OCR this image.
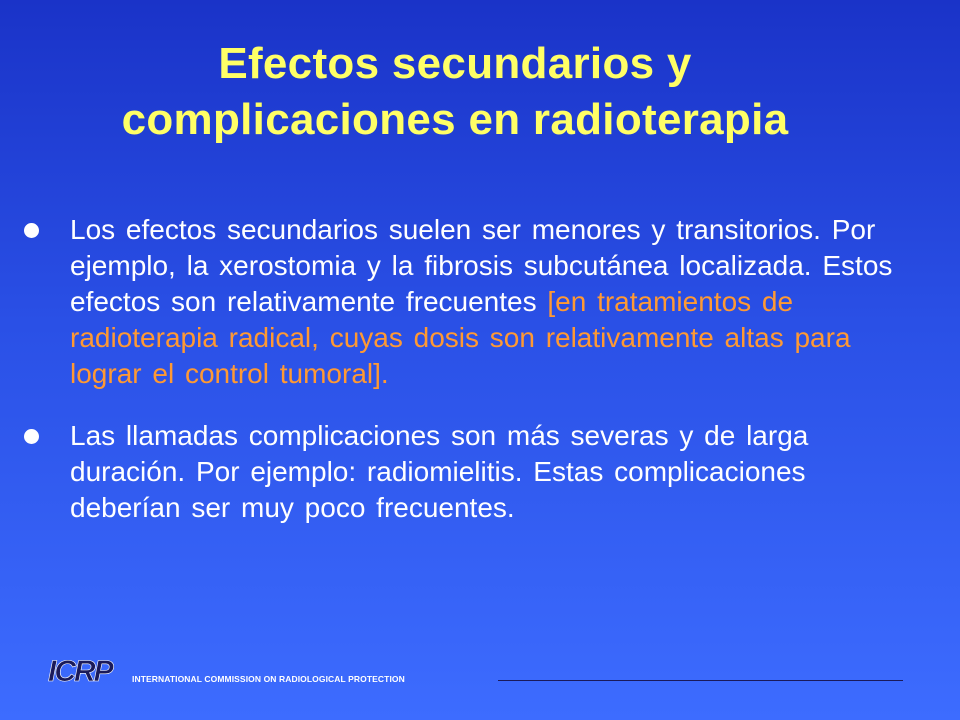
Efectos secundarios y
complicaciones en radioterapia
Los efectos secundarios suelen ser menores y transitorios. Por ejemplo, la xerostomia y la fibrosis subcutánea localizada. Estos efectos son relativamente frecuentes [en tratamientos de radioterapia radical, cuyas dosis son relativamente altas para lograr el control tumoral].
Las llamadas complicaciones son más severas y de larga duración. Por ejemplo: radiomielitis. Estas complicaciones deberían ser muy poco frecuentes.
ICRP	INTERNATIONAL COMMISSION ON RADIOLOGICAL PROTECTION
